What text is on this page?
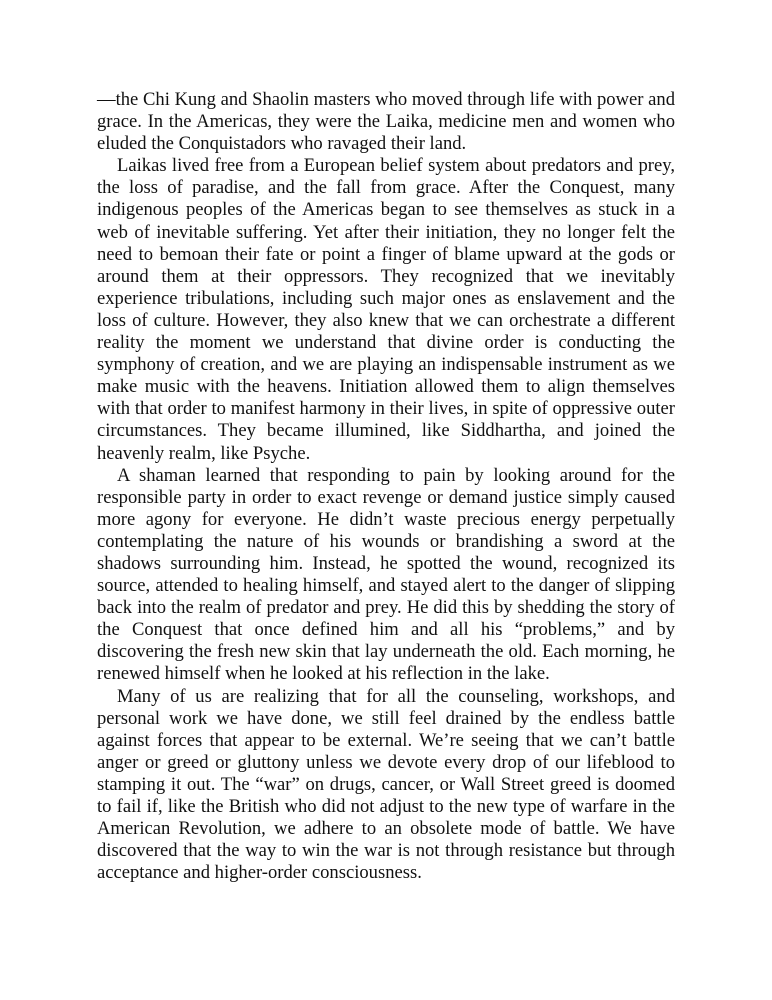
—the Chi Kung and Shaolin masters who moved through life with power and grace. In the Americas, they were the Laika, medicine men and women who eluded the Conquistadors who ravaged their land.

Laikas lived free from a European belief system about predators and prey, the loss of paradise, and the fall from grace. After the Conquest, many indigenous peoples of the Americas began to see themselves as stuck in a web of inevitable suffering. Yet after their initiation, they no longer felt the need to bemoan their fate or point a finger of blame upward at the gods or around them at their oppressors. They recognized that we inevitably experience tribulations, including such major ones as enslavement and the loss of culture. However, they also knew that we can orchestrate a different reality the moment we understand that divine order is conducting the symphony of creation, and we are playing an indispensable instrument as we make music with the heavens. Initiation allowed them to align themselves with that order to manifest harmony in their lives, in spite of oppressive outer circumstances. They became illumined, like Siddhartha, and joined the heavenly realm, like Psyche.

A shaman learned that responding to pain by looking around for the responsible party in order to exact revenge or demand justice simply caused more agony for everyone. He didn’t waste precious energy perpetually contemplating the nature of his wounds or brandishing a sword at the shadows surrounding him. Instead, he spotted the wound, recognized its source, attended to healing himself, and stayed alert to the danger of slipping back into the realm of predator and prey. He did this by shedding the story of the Conquest that once defined him and all his “problems,” and by discovering the fresh new skin that lay underneath the old. Each morning, he renewed himself when he looked at his reflection in the lake.

Many of us are realizing that for all the counseling, workshops, and personal work we have done, we still feel drained by the endless battle against forces that appear to be external. We’re seeing that we can’t battle anger or greed or gluttony unless we devote every drop of our lifeblood to stamping it out. The “war” on drugs, cancer, or Wall Street greed is doomed to fail if, like the British who did not adjust to the new type of warfare in the American Revolution, we adhere to an obsolete mode of battle. We have discovered that the way to win the war is not through resistance but through acceptance and higher-order consciousness.
